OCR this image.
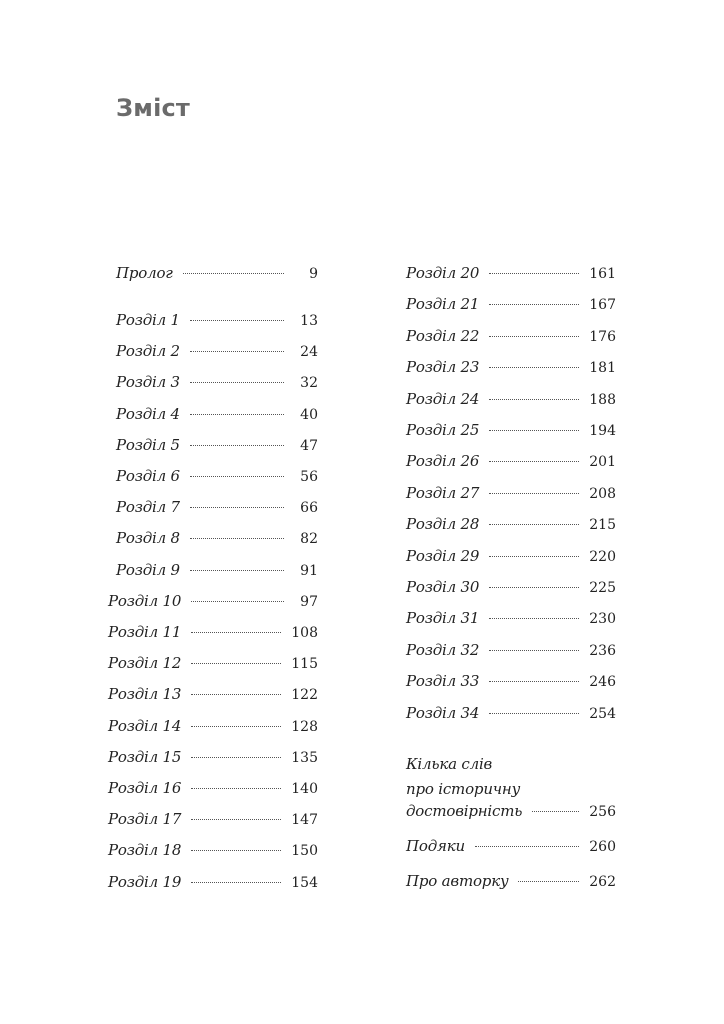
Зміст
Пролог	9
Розділ 1	13
Розділ 2	24
Розділ 3	32
Розділ 4	40
Розділ 5	47
Розділ 6	56
Розділ 7	66
Розділ 8	82
Розділ 9	91
Розділ 10	97
Розділ 11	108
Розділ 12	115
Розділ 13	122
Розділ 14	128
Розділ 15	135
Розділ 16	140
Розділ 17	147
Розділ 18	150
Розділ 19	154
Розділ 20	161
Розділ 21	167
Розділ 22	176
Розділ 23	181
Розділ 24	188
Розділ 25	194
Розділ 26	201
Розділ 27	208
Розділ 28	215
Розділ 29	220
Розділ 30	225
Розділ 31	230
Розділ 32	236
Розділ 33	246
Розділ 34	254
Кілька слів
про історичну
достовірність	256
Подяки	260
Про авторку	262
